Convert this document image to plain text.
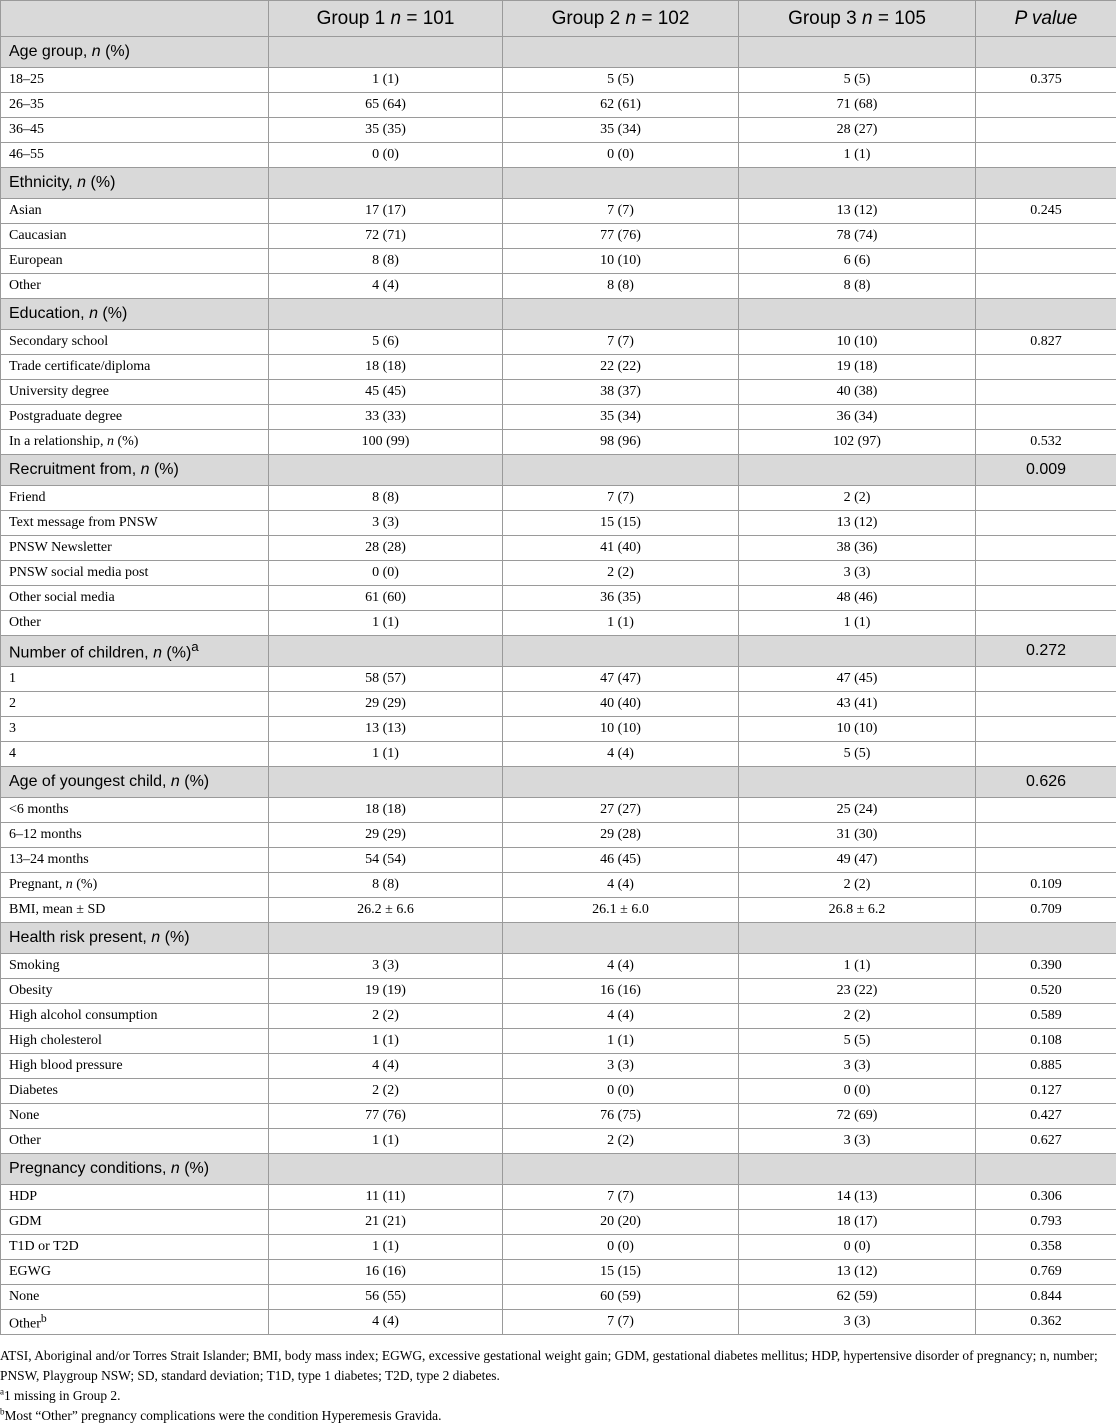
	Group 1 n = 101	Group 2 n = 102	Group 3 n = 105	P value
Age group, n (%)				
18–25	1 (1)	5 (5)	5 (5)	0.375
26–35	65 (64)	62 (61)	71 (68)	
36–45	35 (35)	35 (34)	28 (27)	
46–55	0 (0)	0 (0)	1 (1)	
Ethnicity, n (%)				
Asian	17 (17)	7 (7)	13 (12)	0.245
Caucasian	72 (71)	77 (76)	78 (74)	
European	8 (8)	10 (10)	6 (6)	
Other	4 (4)	8 (8)	8 (8)	
Education, n (%)				
Secondary school	5 (6)	7 (7)	10 (10)	0.827
Trade certificate/diploma	18 (18)	22 (22)	19 (18)	
University degree	45 (45)	38 (37)	40 (38)	
Postgraduate degree	33 (33)	35 (34)	36 (34)	
In a relationship, n (%)	100 (99)	98 (96)	102 (97)	0.532
Recruitment from, n (%)				0.009
Friend	8 (8)	7 (7)	2 (2)	
Text message from PNSW	3 (3)	15 (15)	13 (12)	
PNSW Newsletter	28 (28)	41 (40)	38 (36)	
PNSW social media post	0 (0)	2 (2)	3 (3)	
Other social media	61 (60)	36 (35)	48 (46)	
Other	1 (1)	1 (1)	1 (1)	
Number of children, n (%)$^a$				0.272
1	58 (57)	47 (47)	47 (45)	
2	29 (29)	40 (40)	43 (41)	
3	13 (13)	10 (10)	10 (10)	
4	1 (1)	4 (4)	5 (5)	
Age of youngest child, n (%)				0.626
<6 months	18 (18)	27 (27)	25 (24)	
6–12 months	29 (29)	29 (28)	31 (30)	
13–24 months	54 (54)	46 (45)	49 (47)	
Pregnant, n (%)	8 (8)	4 (4)	2 (2)	0.109
BMI, mean ± SD	26.2 ± 6.6	26.1 ± 6.0	26.8 ± 6.2	0.709
Health risk present, n (%)				
Smoking	3 (3)	4 (4)	1 (1)	0.390
Obesity	19 (19)	16 (16)	23 (22)	0.520
High alcohol consumption	2 (2)	4 (4)	2 (2)	0.589
High cholesterol	1 (1)	1 (1)	5 (5)	0.108
High blood pressure	4 (4)	3 (3)	3 (3)	0.885
Diabetes	2 (2)	0 (0)	0 (0)	0.127
None	77 (76)	76 (75)	72 (69)	0.427
Other	1 (1)	2 (2)	3 (3)	0.627
Pregnancy conditions, n (%)				
HDP	11 (11)	7 (7)	14 (13)	0.306
GDM	21 (21)	20 (20)	18 (17)	0.793
T1D or T2D	1 (1)	0 (0)	0 (0)	0.358
EGWG	16 (16)	15 (15)	13 (12)	0.769
None	56 (55)	60 (59)	62 (59)	0.844
Other$^b$	4 (4)	7 (7)	3 (3)	0.362

ATSI, Aboriginal and/or Torres Strait Islander; BMI, body mass index; EGWG, excessive gestational weight gain; GDM, gestational diabetes mellitus; HDP, hypertensive disorder of pregnancy; n, number; PNSW, Playgroup NSW; SD, standard deviation; T1D, type 1 diabetes; T2D, type 2 diabetes.

$^a$1 missing in Group 2.

$^b$Most “Other” pregnancy complications were the condition Hyperemesis Gravida.
